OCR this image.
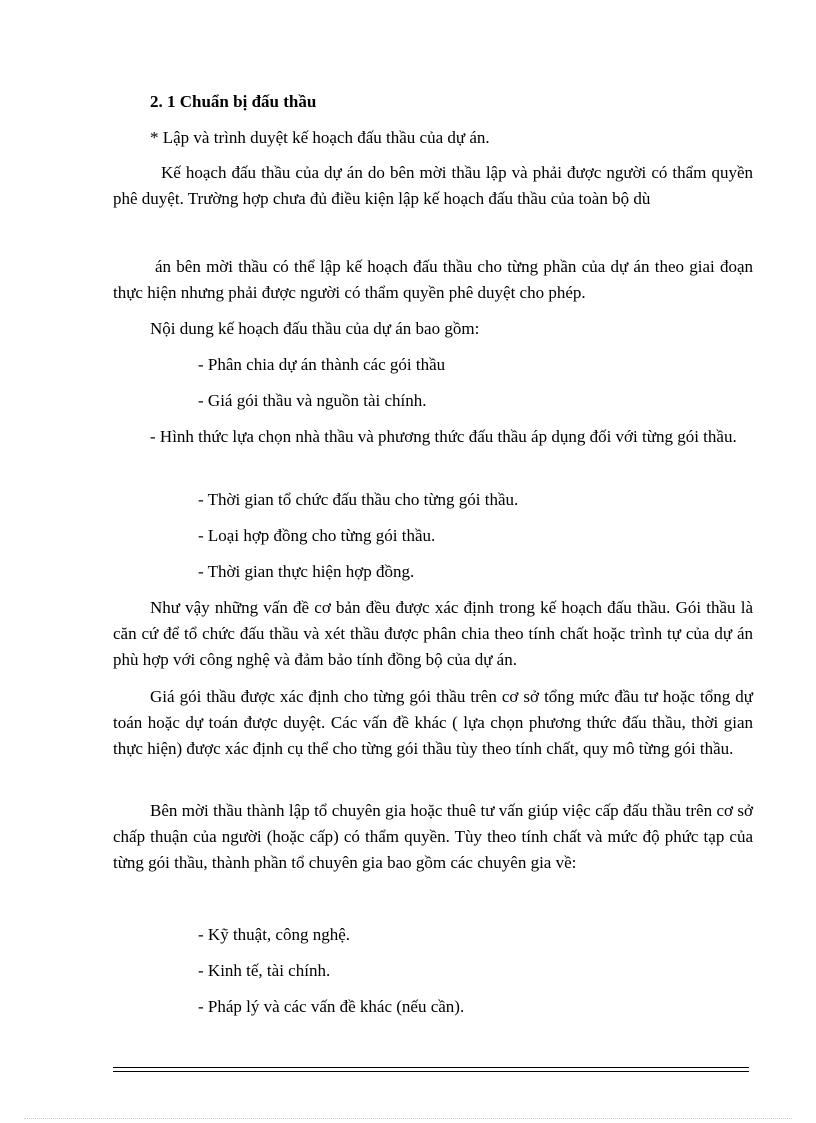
2. 1 Chuẩn bị đấu thầu

* Lập và trình duyệt kế hoạch đấu thầu của dự án.

Kế hoạch đấu thầu của dự án do bên mời thầu lập và phải được người có thẩm quyền phê duyệt. Trường hợp chưa đủ điều kiện lập kế hoạch đấu thầu của toàn bộ dù

án bên mời thầu có thể lập kế hoạch đấu thầu cho từng phần của dự án theo giai đoạn thực hiện nhưng phải được người có thẩm quyền phê duyệt cho phép.

Nội dung kế hoạch đấu thầu của dự án bao gồm:

- Phân chia dự án thành các gói thầu

- Giá gói thầu và nguồn tài chính.

- Hình thức lựa chọn nhà thầu và phương thức đấu thầu áp dụng đối với từng gói thầu.

- Thời gian tổ chức đấu thầu cho từng gói thầu.

- Loại hợp đồng cho từng gói thầu.

- Thời gian thực hiện hợp đồng.

Như vậy những vấn đề cơ bản đều được xác định trong kế hoạch đấu thầu. Gói thầu là căn cứ để tổ chức đấu thầu và xét thầu được phân chia theo tính chất hoặc trình tự của dự án phù hợp với công nghệ và đảm bảo tính đồng bộ của dự án.

Giá gói thầu được xác định cho từng gói thầu trên cơ sở tổng mức đầu tư hoặc tổng dự toán hoặc dự toán được duyệt. Các vấn đề khác ( lựa chọn phương thức đấu thầu, thời gian thực hiện) được xác định cụ thể cho từng gói thầu tùy theo tính chất, quy mô từng gói thầu.

Bên mời thầu thành lập tổ chuyên gia hoặc thuê tư vấn giúp việc cấp đấu thầu trên cơ sở chấp thuận của người (hoặc cấp) có thẩm quyền. Tùy theo tính chất và mức độ phức tạp của từng gói thầu, thành phần tổ chuyên gia bao gồm các chuyên gia về:

- Kỹ thuật, công nghệ.

- Kinh tế, tài chính.

- Pháp lý và các vấn đề khác (nếu cần).
